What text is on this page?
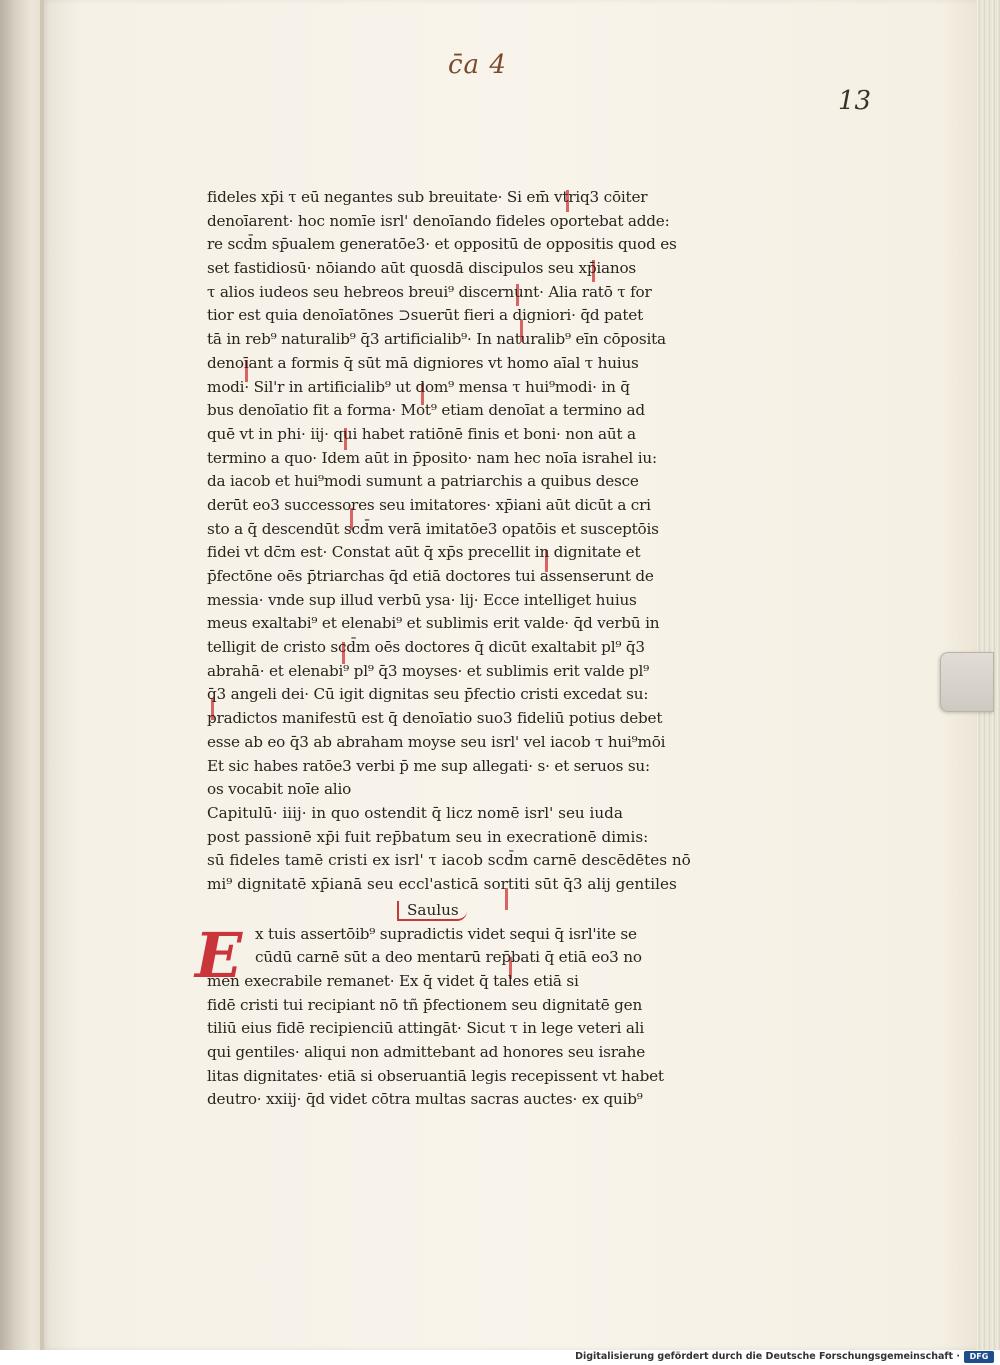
c̄a 4
13
fideles xp̄i τ eū negantes sub breuitate· Si em̄ vtriq3 cōiter
denoīarent· hoc nomīe isrl' denoīando fideles oportebat adde:
re scd̄m sp̄ualem generatōe3· et oppositū de oppositis quod es
set fastidiosū· nōiando aūt quosdā discipulos seu xp̄ianos
τ alios iudeos seu hebreos breui⁹ discernunt· Alia ratō τ for
tior est quia denoīatōnes ⊃suerūt fieri a digniori· q̄d patet
tā in reb⁹ naturalib⁹ q̄3 artificialib⁹· In naturalib⁹ eīn cōposita
denoīant a formis q̄ sūt mā digniores vt homo aīal τ huius
modi· Sil'r in artificialib⁹ ut dom⁹ mensa τ hui⁹modi· in q̄
bus denoīatio fit a forma· Mot⁹ etiam denoīat a termino ad
quē vt in phi· iij· qui habet ratiōnē finis et boni· non aūt a
termino a quo· Idem aūt in p̄posito· nam hec noīa israhel iu:
da iacob et hui⁹modi sumunt a patriarchis a quibus desce
derūt eo3 successores seu imitatores· xp̄iani aūt dicūt a cri
sto a q̄ descendūt scd̄m verā imitatōe3 opatōis et susceptōis
fidei vt dc̄m est· Constat aūt q̄ xp̄s precellit in dignitate et
p̄fectōne oēs p̄triarchas q̄d etiā doctores tui assenserunt de
messia· vnde sup illud verbū ysa· lij· Ecce intelliget huius
meus exaltabi⁹ et elenabi⁹ et sublimis erit valde· q̄d verbū in
telligit de cristo scd̄m oēs doctores q̄ dicūt exaltabit pl⁹ q̄3
abrahā· et elenabi⁹ pl⁹ q̄3 moyses· et sublimis erit valde pl⁹
q̄3 angeli dei· Cū igit dignitas seu p̄fectio cristi excedat su:
pradictos manifestū est q̄ denoīatio suo3 fideliū potius debet
esse ab eo q̄3 ab abraham moyse seu isrl' vel iacob τ hui⁹mōi
Et sic habes ratōe3 verbi p̄ me sup allegati· s· et seruos su:
os vocabit noīe alio
Capitulū· iiij· in quo ostendit q̄ licz nomē isrl' seu iuda
post passionē xp̄i fuit rep̄batum seu in execrationē dimis:
sū fideles tamē cristi ex isrl' τ iacob scd̄m carnē descēdētes nō
mi⁹ dignitatē xp̄ianā seu eccl'asticā sortiti sūt q̄3 alij gentiles
Saulus
E x tuis assertōib⁹ supradictis videt sequi q̄ isrl'ite se
cūdū carnē sūt a deo mentarū rep̄bati q̄ etiā eo3 no
men execrabile remanet· Ex q̄ videt q̄ tales etiā si
fidē cristi tui recipiant nō tñ p̄fectionem seu dignitatē gen
tiliū eius fidē recipienciū attingāt· Sicut τ in lege veteri ali
qui gentiles· aliqui non admittebant ad honores seu israhe
litas dignitates· etiā si obseruantiā legis recepissent vt habet
deutro· xxiij· q̄d videt cōtra multas sacras auctes· ex quib⁹
Digitalisierung gefördert durch die Deutsche Forschungsgemeinschaft ·	DFG
